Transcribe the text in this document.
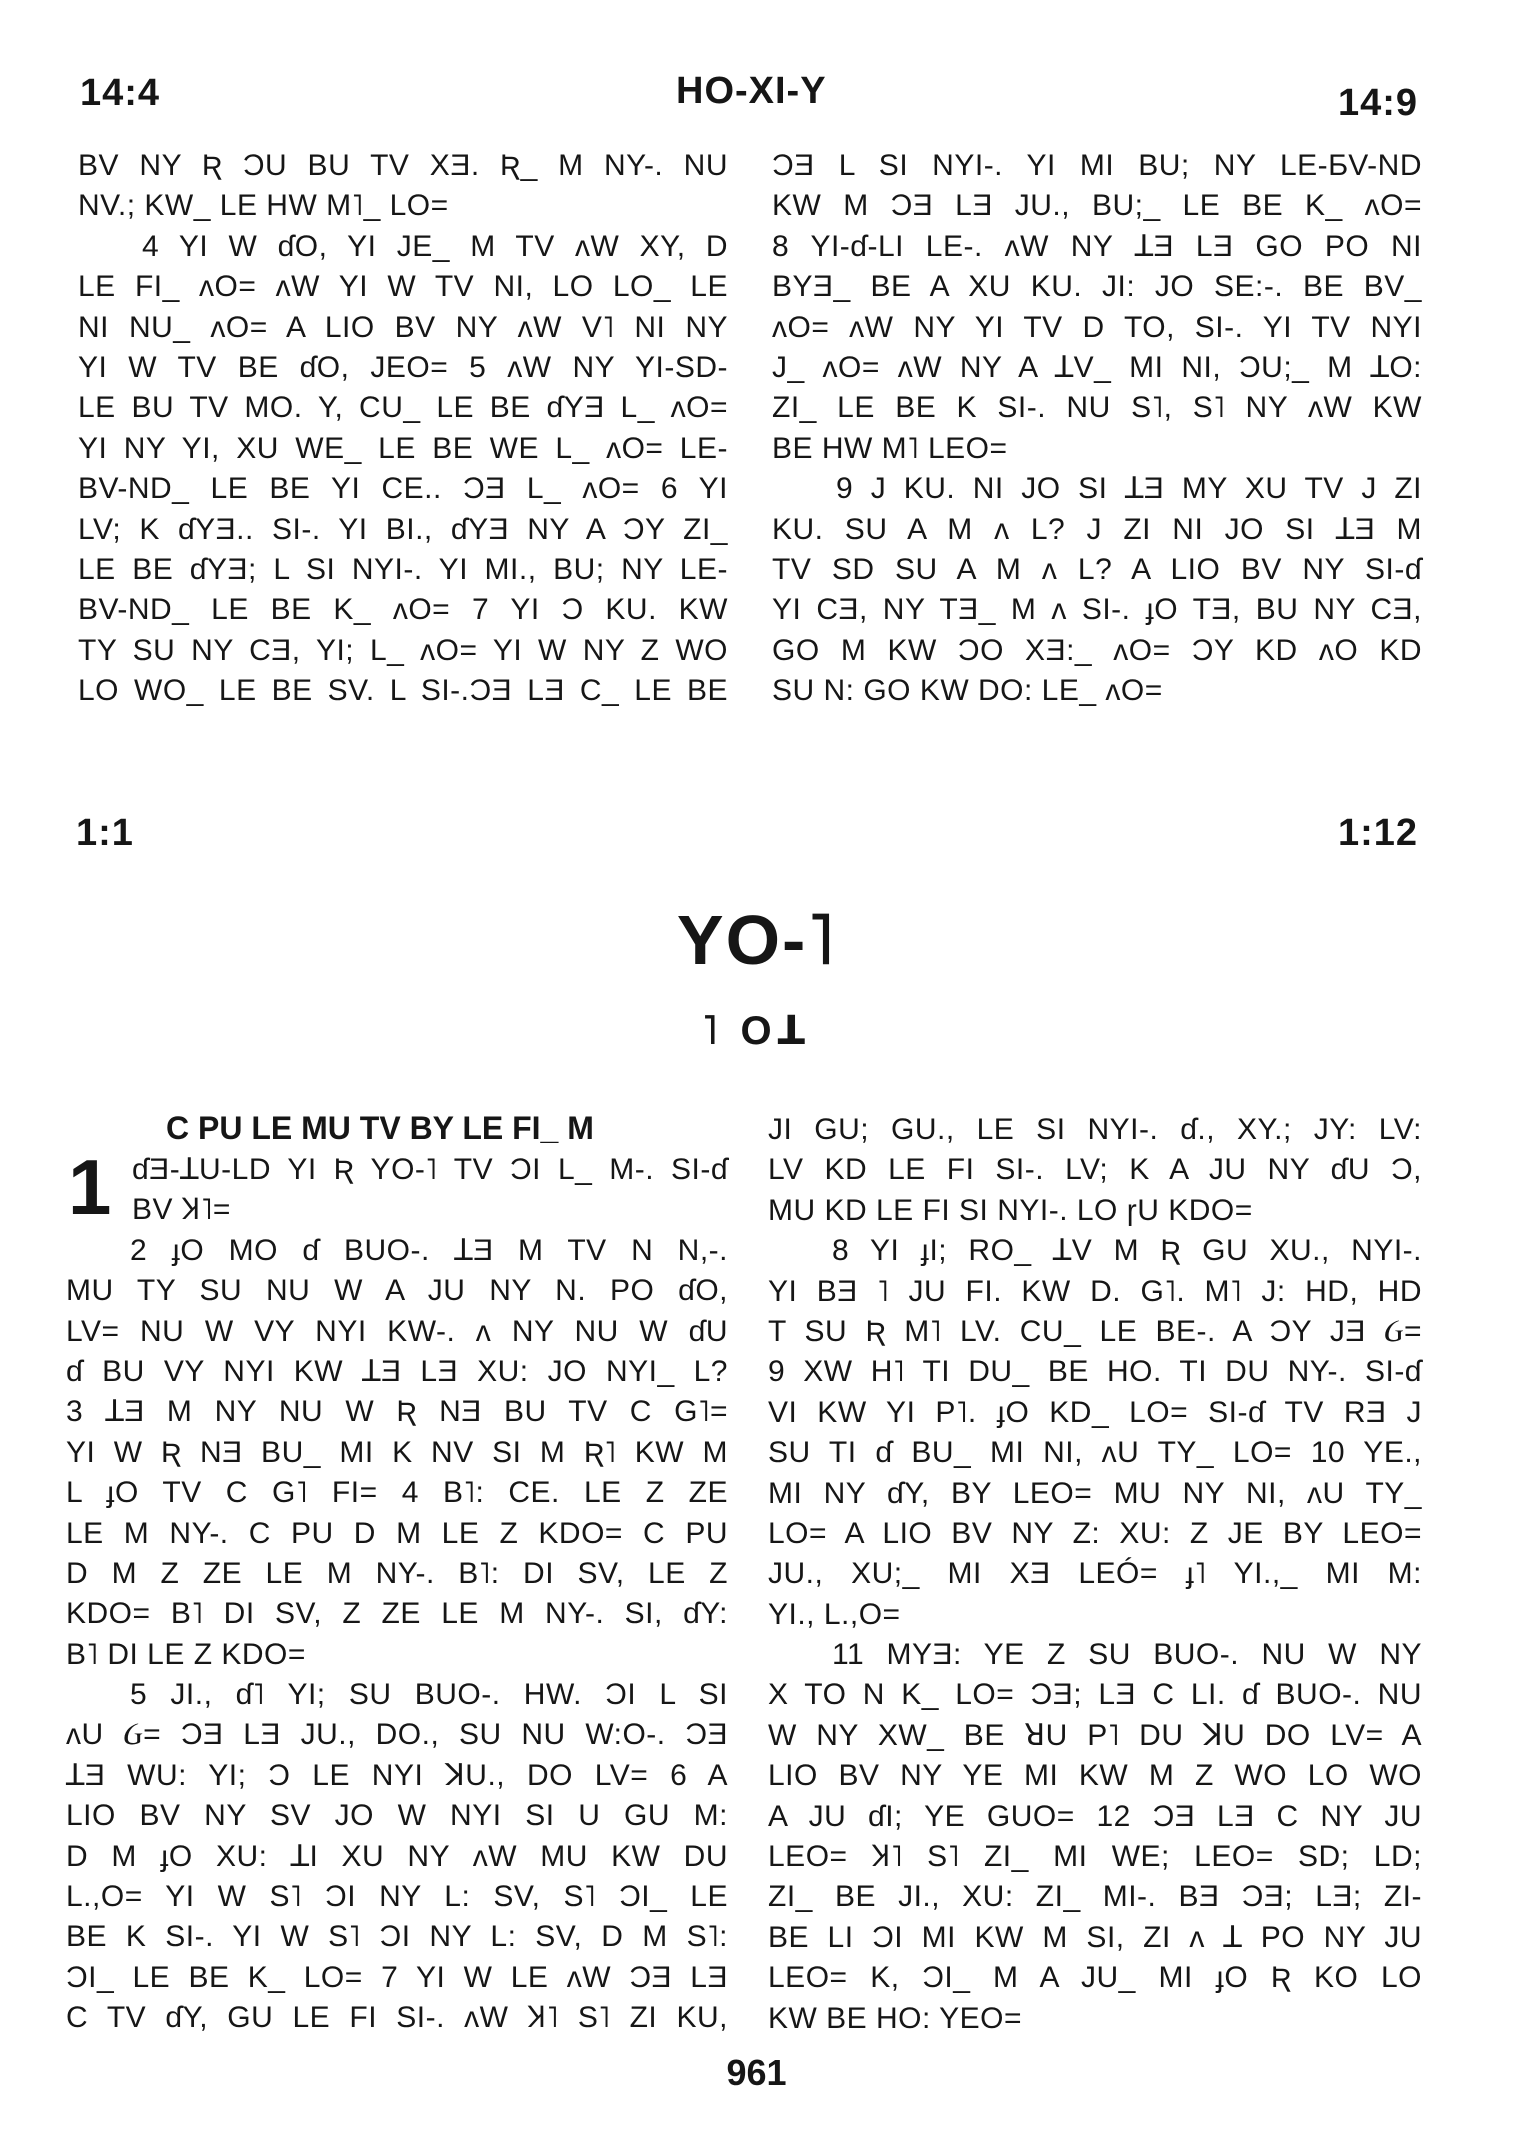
14:4	HO-XI-Y	14:9
BV NY Ʀ ƆU BU TV XƎ. Ʀ_ M NY-. NU
NV.; KW_ LE HW M˥_ LO=
4 YI W ɗO, YI JE_ M TV ʌW XY, D
LE FI_ ʌO= ʌW YI W TV NI, LO LO_ LE
NI NU_ ʌO= A LIO BV NY ʌW V˥ NI NY
YI W TV BE ɗO, JEO= 5 ʌW NY YI-SD-
LE BU TV MO. Y, CU_ LE BE ɗYƎ L_ ʌO=
YI NY YI, XU WE_ LE BE WE L_ ʌO= LE-
BV-ND_ LE BE YI CE.. ƆƎ L_ ʌO= 6 YI
LV; K ɗYƎ.. SI-. YI BI., ɗYƎ NY A ƆY ZI_
LE BE ɗYƎ; L SI NYI-. YI MI., BU; NY LE-
BV-ND_ LE BE K_ ʌO= 7 YI Ɔ KU. KW
TY SU NY CƎ, YI; L_ ʌO= YI W NY Z WO
LO WO_ LE BE SV. L SI-.ƆƎ LƎ C_ LE BE
ƆƎ L SI NYI-. YI MI BU; NY LE-ƂV-ND
KW M ƆƎ LƎ JU., BU;_ LE BE K_ ʌO=
8 YI-ɗ-LI LE-. ʌW NY ꓕƎ LƎ GO PO NI
BYƎ_ BE A XU KU. JI: JO SE:-. BE BV_
ʌO= ʌW NY YI TV D TO, SI-. YI TV NYI
J_ ʌO= ʌW NY A ꓕV_ MI NI, ƆU;_ M ꓕO:
ZI_ LE BE K SI-. NU S˥, S˥ NY ʌW KW
BE HW M˥ LEO=
9 J KU. NI JO SI ꓕƎ MY XU TV J ZI
KU. SU A M ʌ L? J ZI NI JO SI ꓕƎ M
TV SD SU A M ʌ L? A LIO BV NY SI-ɗ
YI CƎ, NY TƎ_ M ʌ SI-. ɟO TƎ, BU NY CƎ,
GO M KW ƆO XƎ:_ ʌO= ƆY KD ʌO KD
SU N: GO KW DO: LE_ ʌO=
1:1	1:12
YO-˥
˥ Oꓕ
C PU LE MU TV BY LE FI_ M
1 ɗƎ-ꓕU-LD YI Ʀ YO-˥ TV ƆI L_ M-. SI-ɗ
BV Ʞ˥=
2 ɟO MO ɗ BUO-. ꓕƎ M TV N N,-.
MU TY SU NU W A JU NY N. PO ɗO,
LV= NU W VY NYI KW-. ʌ NY NU W ɗU
ɗ BU VY NYI KW ꓕƎ LƎ XU: JO NYI_ L?
3 ꓕƎ M NY NU W Ʀ NƎ BU TV C G˥=
YI W Ʀ NƎ BU_ MI K NV SI M Ʀ˥ KW M
L ɟO TV C G˥ FI= 4 B˥: CE. LE Z ZE
LE M NY-. C PU D M LE Z KDO= C PU
D M Z ZE LE M NY-. B˥: DI SV, LE Z
KDO= B˥ DI SV, Z ZE LE M NY-. SI, ɗY:
B˥ DI LE Z KDO=
5 JI., ɗ˥ YI; SU BUO-. HW. ƆI L SI
ʌU Ᏽ= ƆƎ LƎ JU., DO., SU NU W:O-. ƆƎ
ꓕƎ WU: YI; Ɔ LE NYI ꓘU., DO LV= 6 A
LIO BV NY SV JO W NYI SI U GU M:
D M ɟO XU: ꓕI XU NY ʌW MU KW DU
L.,O= YI W S˥ ƆI NY L: SV, S˥ ƆI_ LE
BE K SI-. YI W S˥ ƆI NY L: SV, D M S˥:
ƆI_ LE BE K_ LO= 7 YI W LE ʌW ƆƎ LƎ
C TV ɗY, GU LE FI SI-. ʌW Ʞ˥ S˥ ZI KU,
JI GU; GU., LE SI NYI-. ɗ., XY.; JY: LV:
LV KD LE FI SI-. LV; K A JU NY ɗU Ɔ,
MU KD LE FI SI NYI-. LO ɼU KDO=
8 YI ɟI; RO_ ꓕV M Ʀ GU XU., NYI-.
YI BƎ ˥ JU FI. KW D. G˥. M˥ J: HD, HD
T SU Ʀ M˥ LV. CU_ LE BE-. A ƆY JƎ Ᏽ=
9 XW H˥ TI DU_ BE HO. TI DU NY-. SI-ɗ
VI KW YI P˥. ɟO KD_ LO= SI-ɗ TV RƎ J
SU TI ɗ BU_ MI NI, ʌU TY_ LO= 10 YE.,
MI NY ɗY, BY LEO= MU NY NI, ʌU TY_
LO= A LIO BV NY Z: XU: Z JE BY LEO=
JU., XU;_ MI XƎ LEÓ= ɟ˥ YI.,_ MI M:
YI., L.,O=
11 MYƎ: YE Z SU BUO-. NU W NY
X TO N K_ LO= ƆƎ; LƎ C LI. ɗ BUO-. NU
W NY XW_ BE ꓤU P˥ DU ꓘU DO LV= A
LIO BV NY YE MI KW M Z WO LO WO
A JU ɗI; YE GUO= 12 ƆƎ LƎ C NY JU
LEO= Ʞ˥ S˥ ZI_ MI WE; LEO= SD; LD;
ZI_ BE JI., XU: ZI_ MI-. BƎ ƆƎ; LƎ; ZI-
BE LI ƆI MI KW M SI, ZI ʌ ꓕ PO NY JU
LEO= K, ƆI_ M A JU_ MI ɟO Ʀ KO LO
KW BE HO: YEO=
961
